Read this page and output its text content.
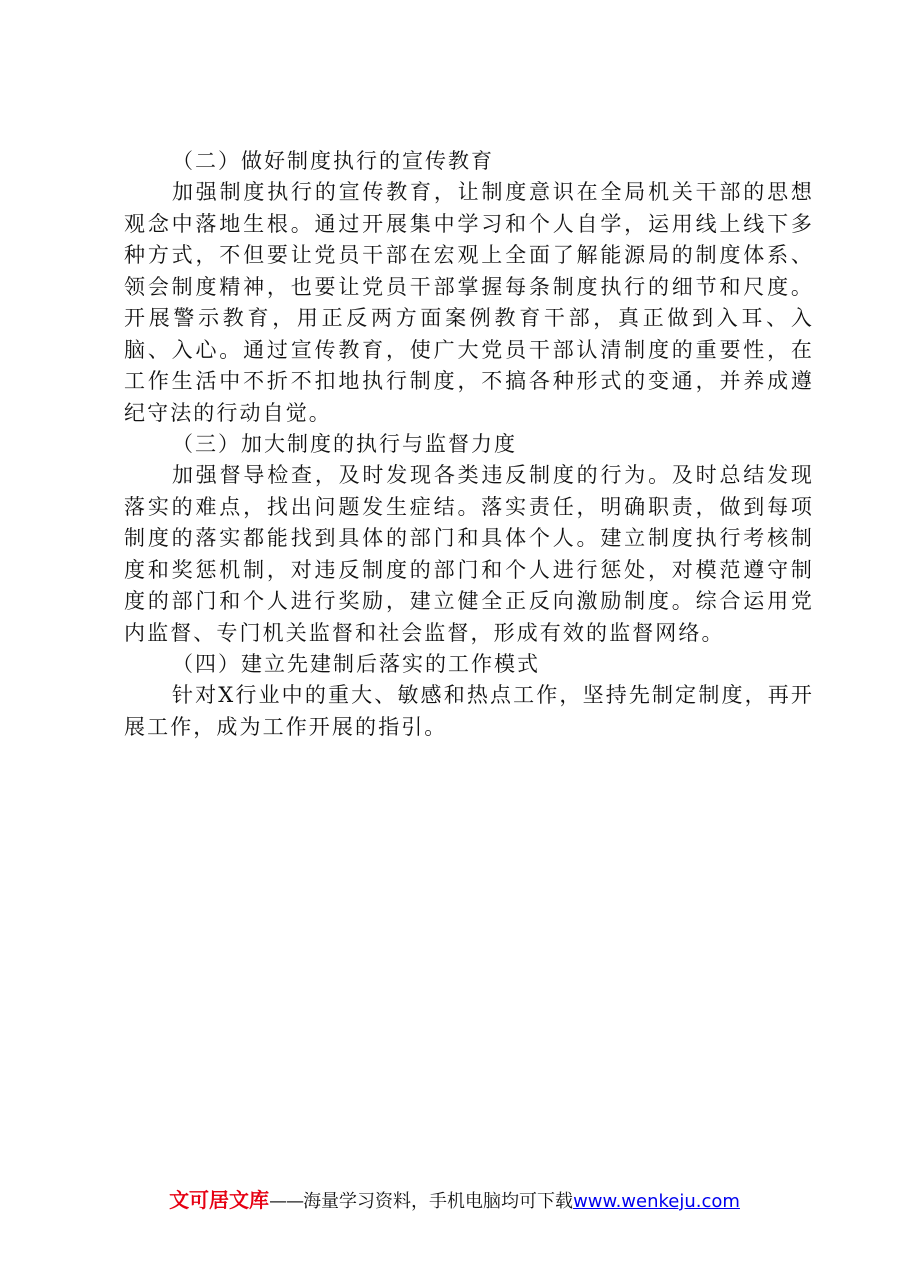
（二）做好制度执行的宣传教育

加强制度执行的宣传教育，让制度意识在全局机关干部的思想观念中落地生根。通过开展集中学习和个人自学，运用线上线下多种方式，不但要让党员干部在宏观上全面了解能源局的制度体系、领会制度精神，也要让党员干部掌握每条制度执行的细节和尺度。开展警示教育，用正反两方面案例教育干部，真正做到入耳、入脑、入心。通过宣传教育，使广大党员干部认清制度的重要性，在工作生活中不折不扣地执行制度，不搞各种形式的变通，并养成遵纪守法的行动自觉。

（三）加大制度的执行与监督力度

加强督导检查，及时发现各类违反制度的行为。及时总结发现落实的难点，找出问题发生症结。落实责任，明确职责，做到每项制度的落实都能找到具体的部门和具体个人。建立制度执行考核制度和奖惩机制，对违反制度的部门和个人进行惩处，对模范遵守制度的部门和个人进行奖励，建立健全正反向激励制度。综合运用党内监督、专门机关监督和社会监督，形成有效的监督网络。

（四）建立先建制后落实的工作模式

针对X行业中的重大、敏感和热点工作，坚持先制定制度，再开展工作，成为工作开展的指引。

文可居文库——海量学习资料，手机电脑均可下载www.wenkeju.com
